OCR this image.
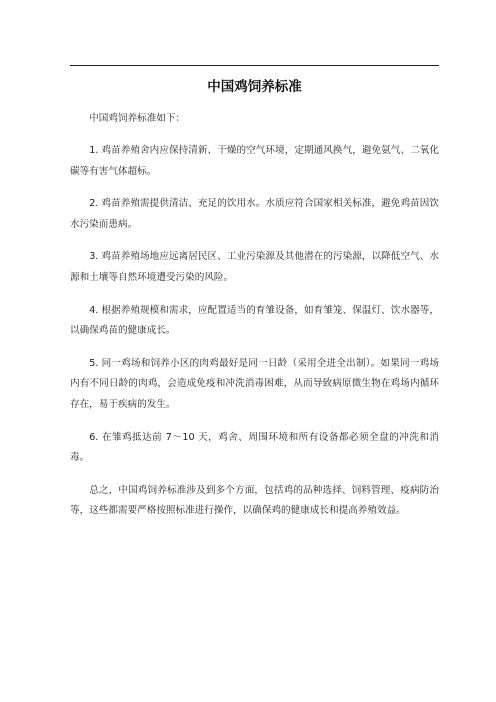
中国鸡饲养标准

中国鸡饲养标准如下：

1. 鸡苗养殖舍内应保持清新、干燥的空气环境，定期通风换气，避免氨气、二氧化碳等有害气体超标。

2. 鸡苗养殖需提供清洁、充足的饮用水。水质应符合国家相关标准，避免鸡苗因饮水污染而患病。

3. 鸡苗养殖场地应远离居民区、工业污染源及其他潜在的污染源，以降低空气、水源和土壤等自然环境遭受污染的风险。

4. 根据养殖规模和需求，应配置适当的育雏设备，如育雏笼、保温灯、饮水器等，以确保鸡苗的健康成长。

5. 同一鸡场和饲养小区的肉鸡最好是同一日龄（采用全进全出制）。如果同一鸡场内有不同日龄的肉鸡，会造成免疫和冲洗消毒困难，从而导致病原微生物在鸡场内循环存在，易于疾病的发生。

6. 在雏鸡抵达前 7～10 天，鸡舍、周围环境和所有设备都必须全盘的冲洗和消毒。

总之，中国鸡饲养标准涉及到多个方面，包括鸡的品种选择、饲料管理、疫病防治等，这些都需要严格按照标准进行操作，以确保鸡的健康成长和提高养殖效益。
